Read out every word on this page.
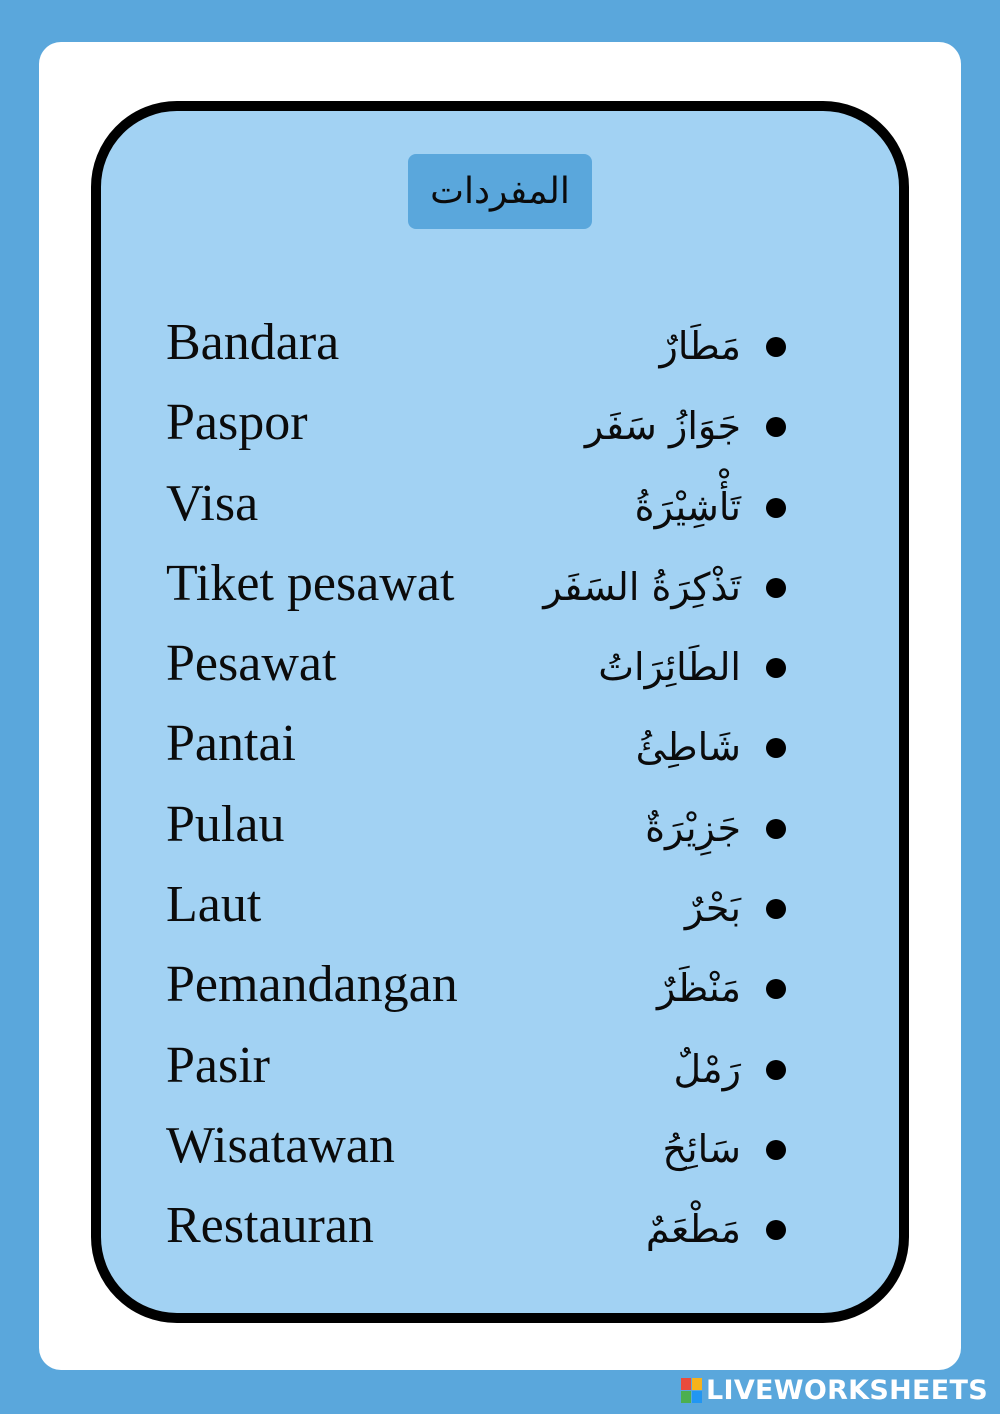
المفردات
Bandara	مَطَارٌ
Paspor	جَوَازُ سَفَر
Visa	تَأْشِيْرَةُ
Tiket pesawat تَذْكِرَةُ السَفَر
Pesawat	الطَائِرَاتُ
Pantai	شَاطِئُ
Pulau	جَزِيْرَةٌ
Laut	بَحْرٌ
Pemandangan	مَنْظَرٌ
Pasir	رَمْلٌ
Wisatawan	سَائِحُ
Restauran	مَطْعَمٌ
LIVEWORKSHEETS
